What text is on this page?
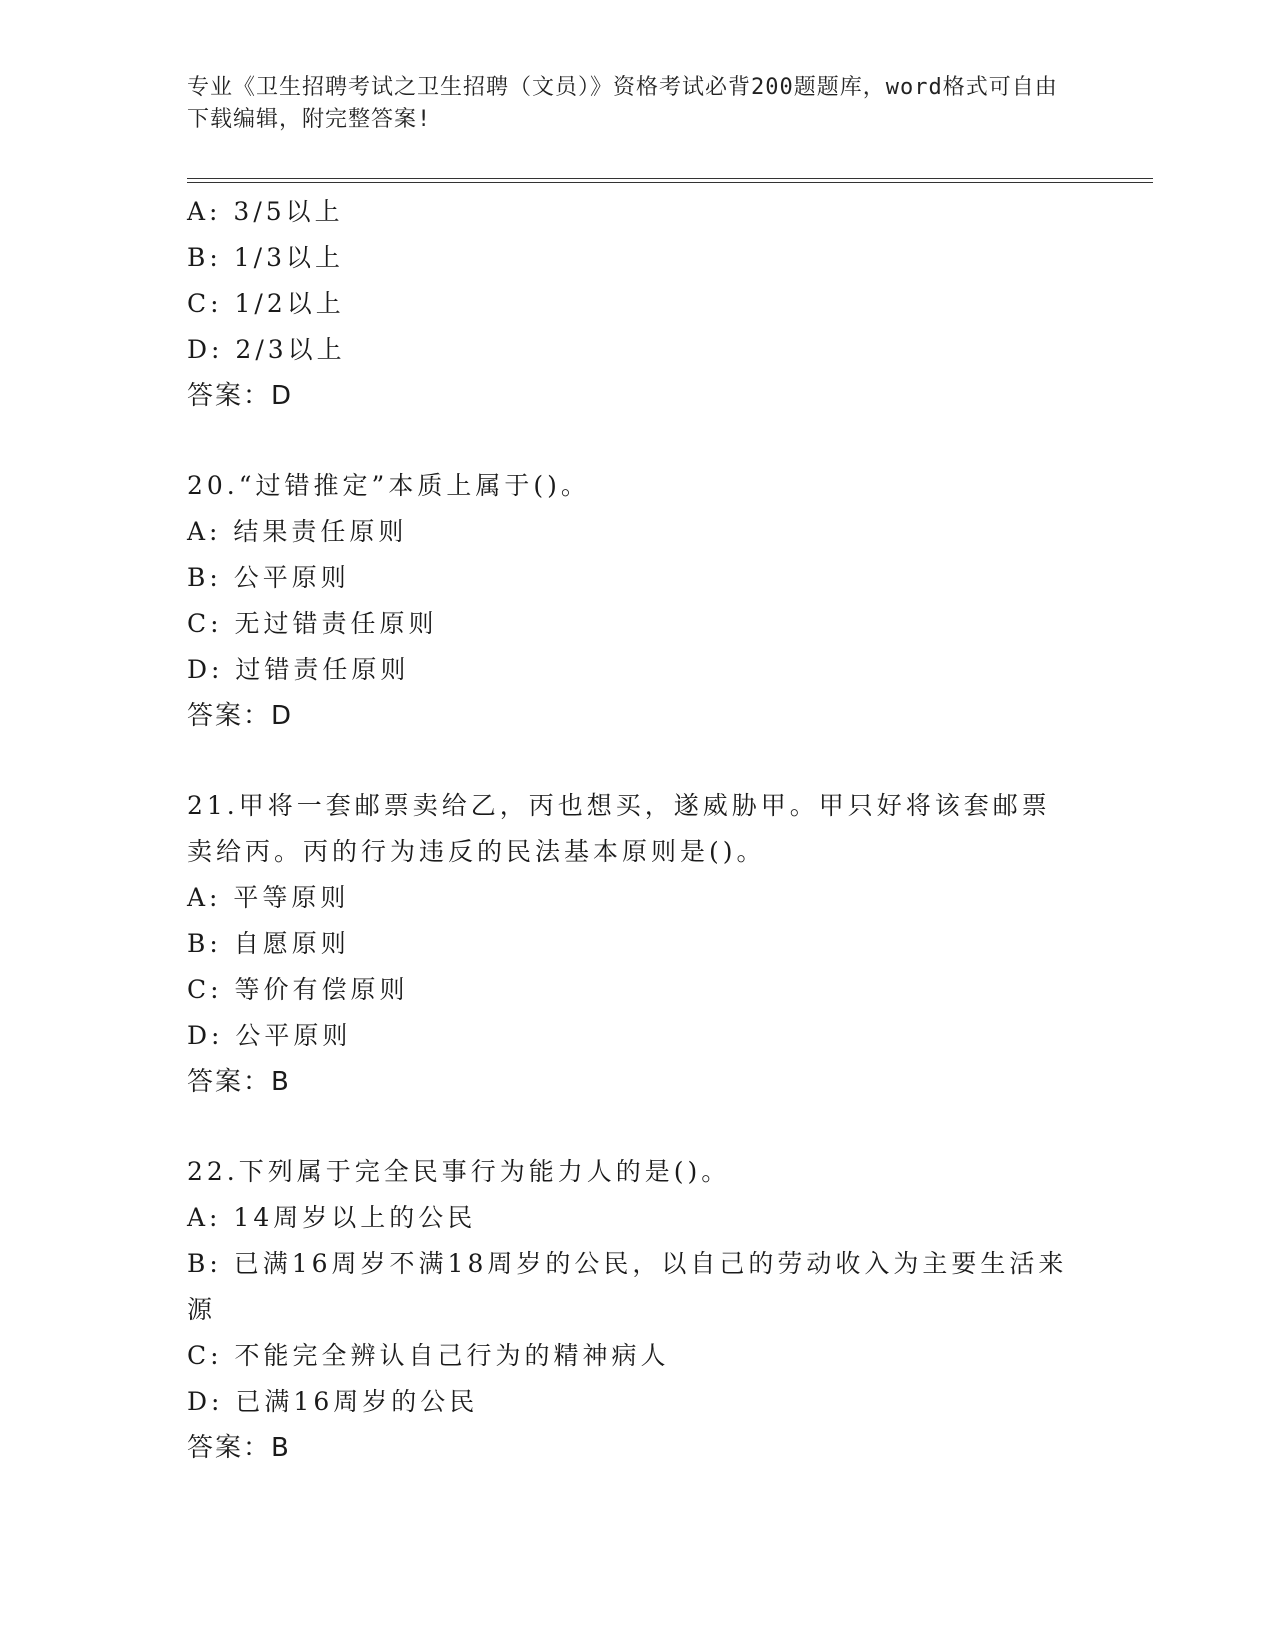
专业《卫生招聘考试之卫生招聘（文员）》资格考试必背200题题库，word格式可自由下载编辑，附完整答案!
A: 3/5以上
B: 1/3以上
C: 1/2以上
D: 2/3以上
答案：D
20.“过错推定”本质上属于()。
A: 结果责任原则
B: 公平原则
C: 无过错责任原则
D: 过错责任原则
答案：D
21.甲将一套邮票卖给乙，丙也想买，遂威胁甲。甲只好将该套邮票卖给丙。丙的行为违反的民法基本原则是()。
A: 平等原则
B: 自愿原则
C: 等价有偿原则
D: 公平原则
答案：B
22.下列属于完全民事行为能力人的是()。
A: 14周岁以上的公民
B: 已满16周岁不满18周岁的公民，以自己的劳动收入为主要生活来源
C: 不能完全辨认自己行为的精神病人
D: 已满16周岁的公民
答案：B
